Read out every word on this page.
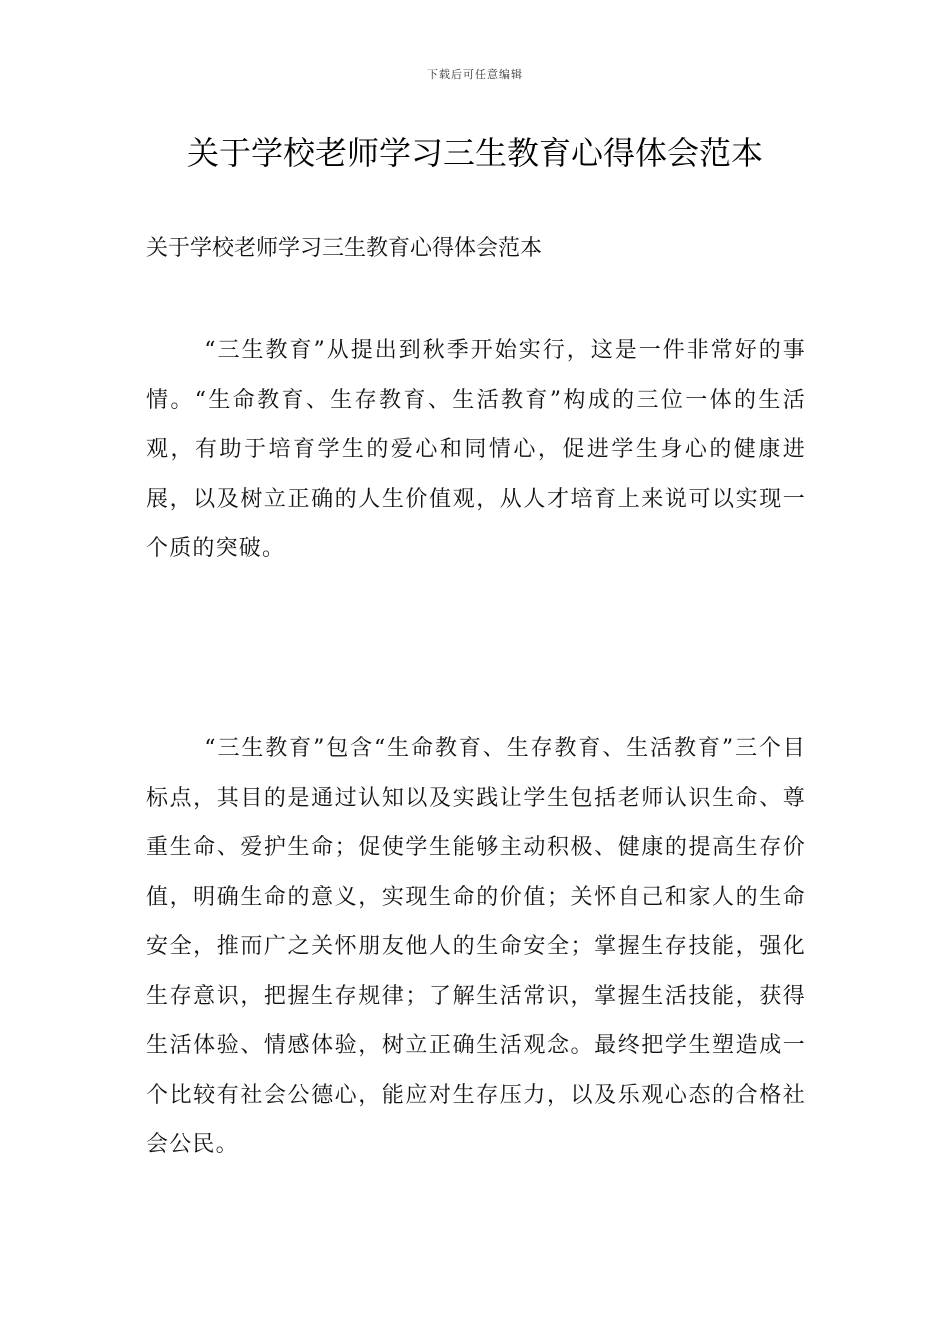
下载后可任意编辑
关于学校老师学习三生教育心得体会范本

关于学校老师学习三生教育心得体会范本

“三生教育”从提出到秋季开始实行，这是一件非常好的事情。“生命教育、生存教育、生活教育”构成的三位一体的生活观，有助于培育学生的爱心和同情心，促进学生身心的健康进展，以及树立正确的人生价值观，从人才培育上来说可以实现一个质的突破。

“三生教育”包含“生命教育、生存教育、生活教育”三个目标点，其目的是通过认知以及实践让学生包括老师认识生命、尊重生命、爱护生命；促使学生能够主动积极、健康的提高生存价值，明确生命的意义，实现生命的价值；关怀自己和家人的生命安全，推而广之关怀朋友他人的生命安全；掌握生存技能，强化生存意识，把握生存规律；了解生活常识，掌握生活技能，获得生活体验、情感体验，树立正确生活观念。最终把学生塑造成一个比较有社会公德心，能应对生存压力，以及乐观心态的合格社会公民。
